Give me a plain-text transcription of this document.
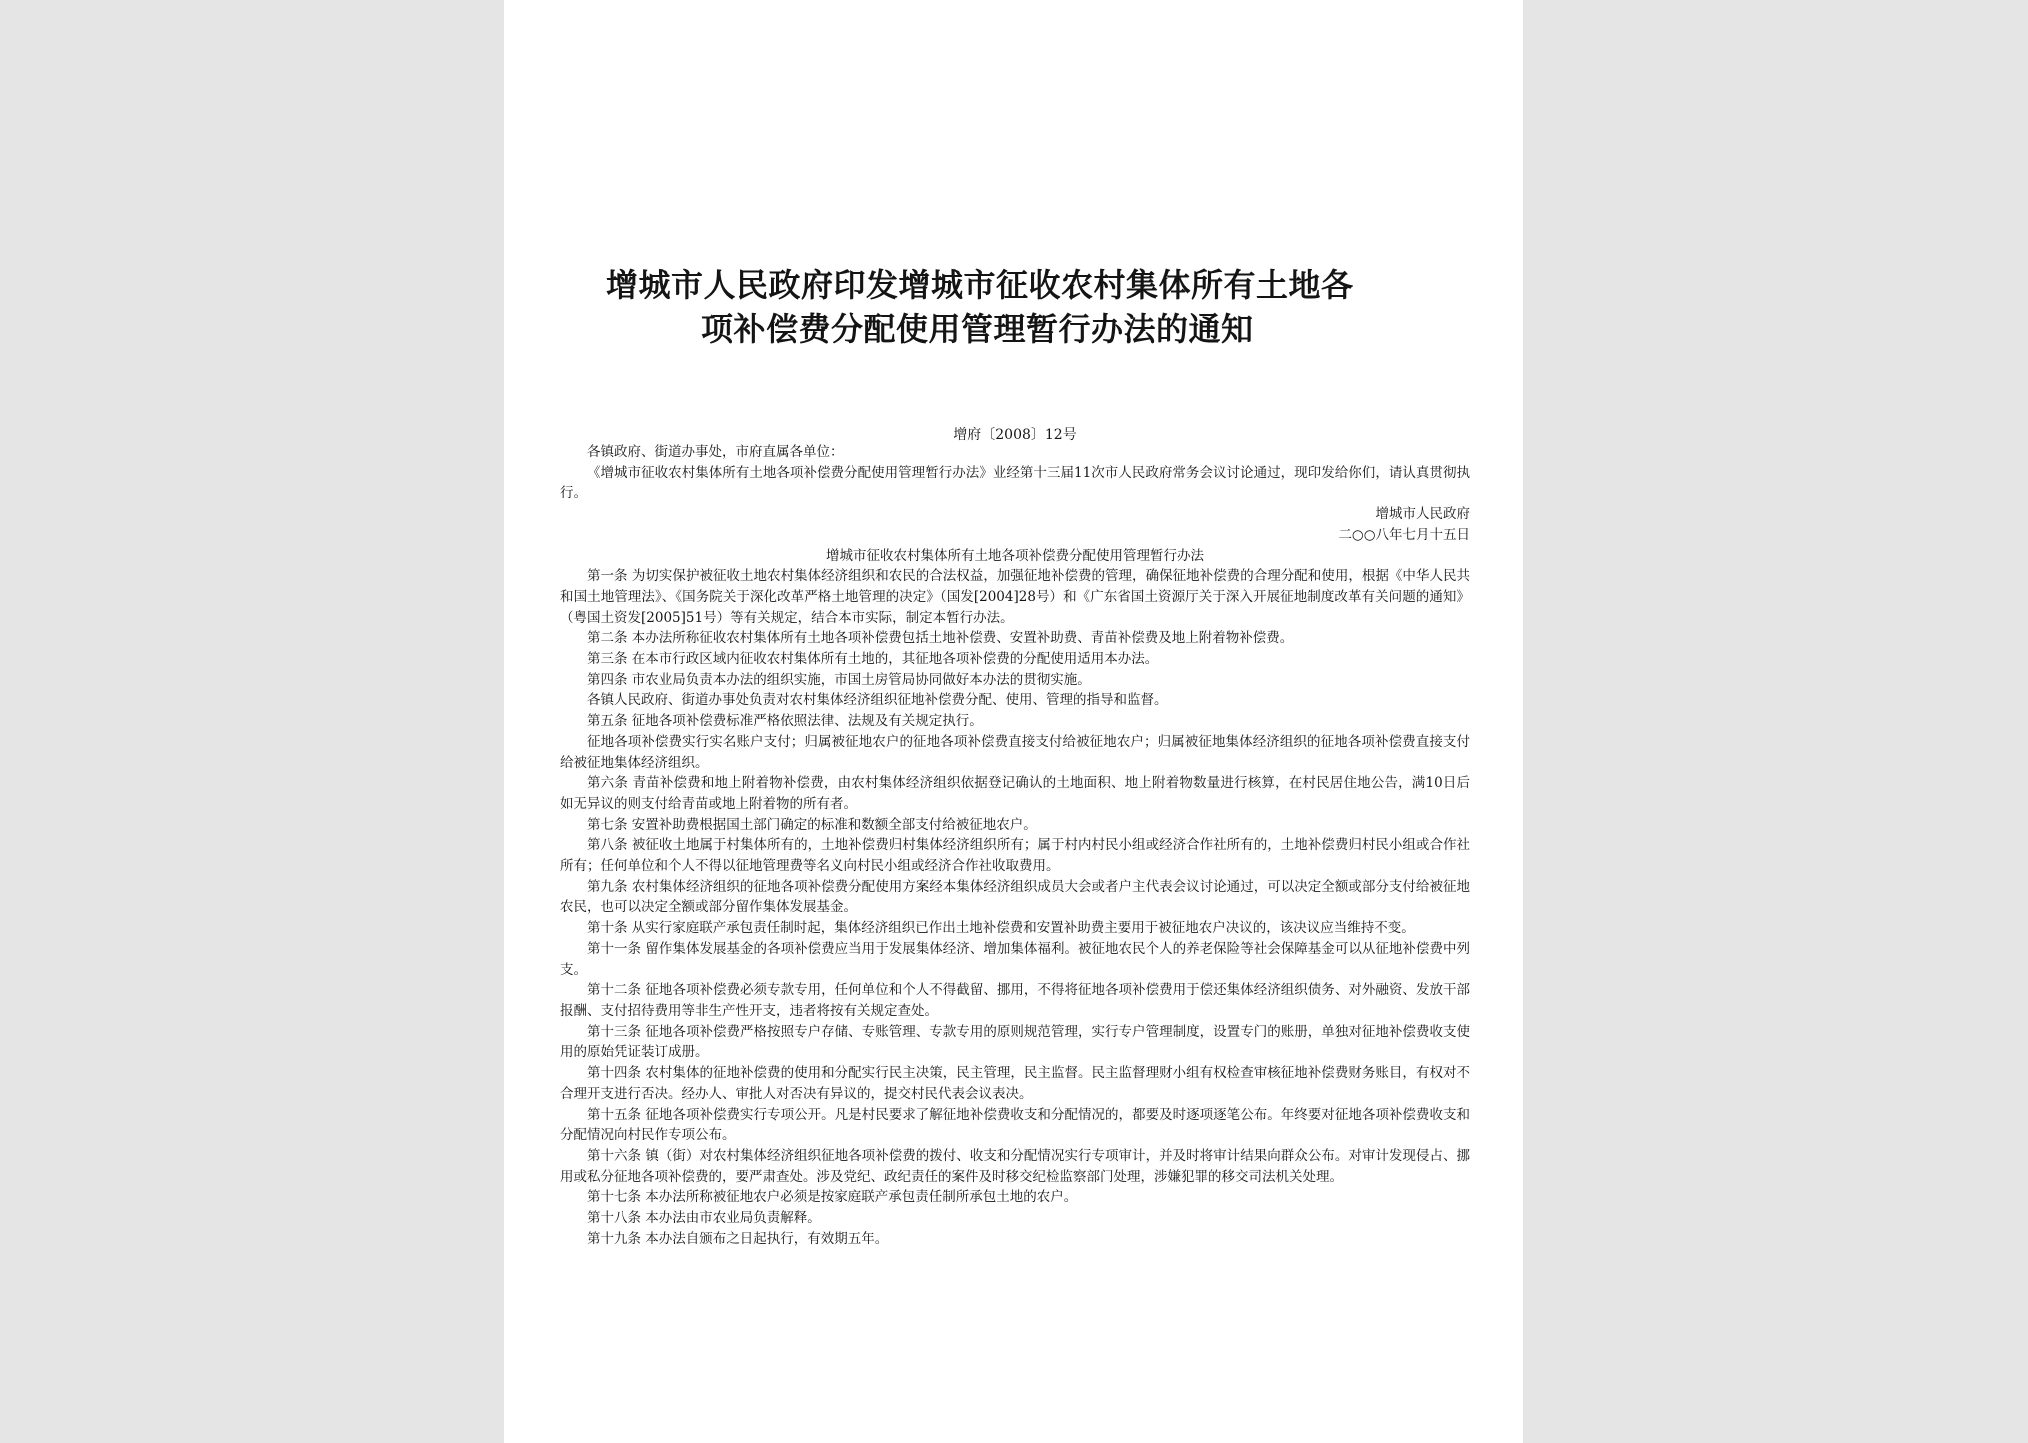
增城市人民政府印发增城市征收农村集体所有土地各
项补偿费分配使用管理暂行办法的通知
增府〔2008〕12号

各镇政府、街道办事处，市府直属各单位：

《增城市征收农村集体所有土地各项补偿费分配使用管理暂行办法》业经第十三届11次市人民政府常务会议讨论通过，现印发给你们，请认真贯彻执行。

增城市人民政府

二○○八年七月十五日

增城市征收农村集体所有土地各项补偿费分配使用管理暂行办法

第一条 为切实保护被征收土地农村集体经济组织和农民的合法权益，加强征地补偿费的管理，确保征地补偿费的合理分配和使用，根据《中华人民共和国土地管理法》、《国务院关于深化改革严格土地管理的决定》（国发[2004]28号）和《广东省国土资源厅关于深入开展征地制度改革有关问题的通知》（粤国土资发[2005]51号）等有关规定，结合本市实际，制定本暂行办法。

第二条 本办法所称征收农村集体所有土地各项补偿费包括土地补偿费、安置补助费、青苗补偿费及地上附着物补偿费。

第三条 在本市行政区域内征收农村集体所有土地的，其征地各项补偿费的分配使用适用本办法。

第四条 市农业局负责本办法的组织实施，市国土房管局协同做好本办法的贯彻实施。

各镇人民政府、街道办事处负责对农村集体经济组织征地补偿费分配、使用、管理的指导和监督。

第五条 征地各项补偿费标准严格依照法律、法规及有关规定执行。

征地各项补偿费实行实名账户支付；归属被征地农户的征地各项补偿费直接支付给被征地农户；归属被征地集体经济组织的征地各项补偿费直接支付给被征地集体经济组织。

第六条 青苗补偿费和地上附着物补偿费，由农村集体经济组织依据登记确认的土地面积、地上附着物数量进行核算，在村民居住地公告，满10日后如无异议的则支付给青苗或地上附着物的所有者。

第七条 安置补助费根据国土部门确定的标准和数额全部支付给被征地农户。

第八条 被征收土地属于村集体所有的，土地补偿费归村集体经济组织所有；属于村内村民小组或经济合作社所有的，土地补偿费归村民小组或合作社所有；任何单位和个人不得以征地管理费等名义向村民小组或经济合作社收取费用。

第九条 农村集体经济组织的征地各项补偿费分配使用方案经本集体经济组织成员大会或者户主代表会议讨论通过，可以决定全额或部分支付给被征地农民，也可以决定全额或部分留作集体发展基金。

第十条 从实行家庭联产承包责任制时起，集体经济组织已作出土地补偿费和安置补助费主要用于被征地农户决议的，该决议应当维持不变。

第十一条 留作集体发展基金的各项补偿费应当用于发展集体经济、增加集体福利。被征地农民个人的养老保险等社会保障基金可以从征地补偿费中列支。

第十二条 征地各项补偿费必须专款专用，任何单位和个人不得截留、挪用，不得将征地各项补偿费用于偿还集体经济组织债务、对外融资、发放干部报酬、支付招待费用等非生产性开支，违者将按有关规定查处。

第十三条 征地各项补偿费严格按照专户存储、专账管理、专款专用的原则规范管理，实行专户管理制度，设置专门的账册，单独对征地补偿费收支使用的原始凭证装订成册。

第十四条 农村集体的征地补偿费的使用和分配实行民主决策，民主管理，民主监督。民主监督理财小组有权检查审核征地补偿费财务账目，有权对不合理开支进行否决。经办人、审批人对否决有异议的，提交村民代表会议表决。

第十五条 征地各项补偿费实行专项公开。凡是村民要求了解征地补偿费收支和分配情况的，都要及时逐项逐笔公布。年终要对征地各项补偿费收支和分配情况向村民作专项公布。

第十六条 镇（街）对农村集体经济组织征地各项补偿费的拨付、收支和分配情况实行专项审计，并及时将审计结果向群众公布。对审计发现侵占、挪用或私分征地各项补偿费的，要严肃查处。涉及党纪、政纪责任的案件及时移交纪检监察部门处理，涉嫌犯罪的移交司法机关处理。

第十七条 本办法所称被征地农户必须是按家庭联产承包责任制所承包土地的农户。

第十八条 本办法由市农业局负责解释。

第十九条 本办法自颁布之日起执行，有效期五年。
